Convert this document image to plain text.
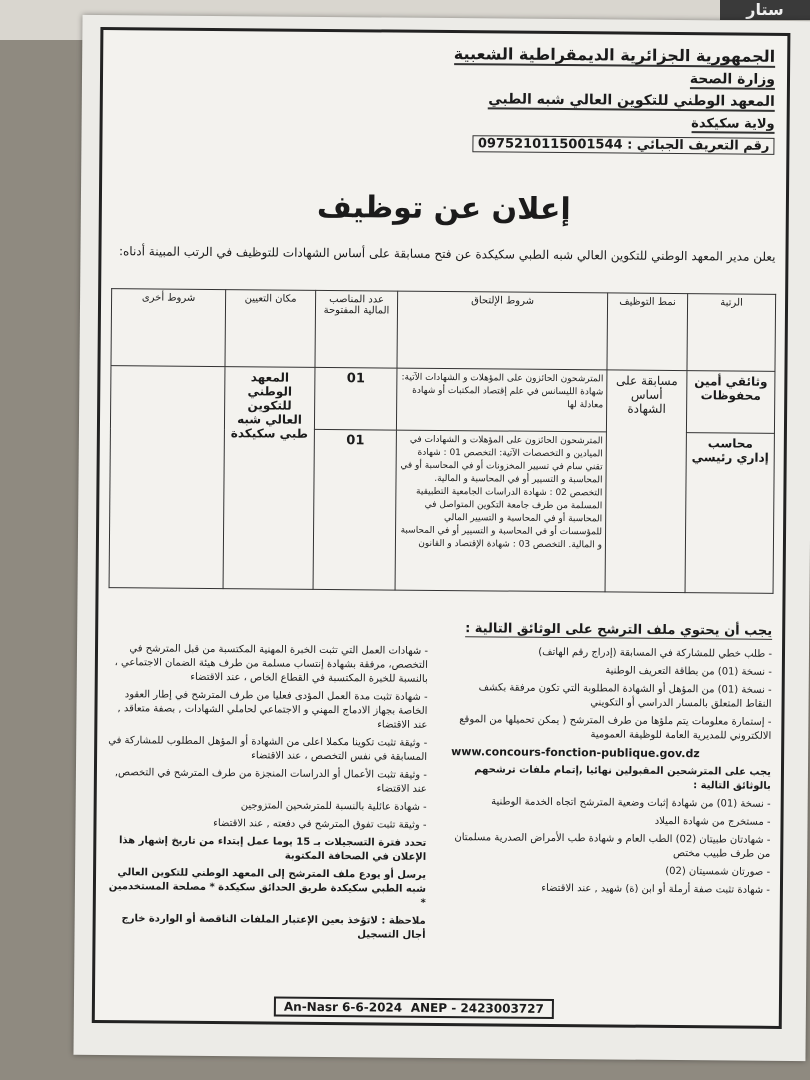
ستار
الجمهورية الجزائرية الديمقراطية الشعبية
وزارة الصحة
المعهد الوطني للتكوين العالي شبه الطبي
ولاية سكيكدة
رقم التعريف الجبائي : 0975210115001544
إعلان عن توظيف
يعلن مدير المعهد الوطني للتكوين العالي شبه الطبي سكيكدة عن فتح مسابقة على أساس الشهادات للتوظيف في الرتب المبينة أدناه:
الرتبة	نمط التوظيف	شروط الإلتحاق	عدد المناصب المالية المفتوحة	مكان التعيين	شروط أخرى
وثائقي أمين محفوظات	مسابقة على أساس الشهادة	المترشحون الحائزون على المؤهلات و الشهادات الآتية: شهادة الليسانس في علم إقتصاد المكتبات أو شهادة معادلة لها	01	المعهد الوطني للتكوين العالي شبه طبي سكيكدة	
محاسب إداري رئيسي		المترشحون الحائزون على المؤهلات و الشهادات في الميادين و التخصصات الآتية: التخصص 01 : شهادة تقني سام في تسيير المخزونات أو في المحاسبة أو في المحاسبة و التسيير أو في المحاسبة و المالية. التخصص 02 : شهادة الدراسات الجامعية التطبيقية المسلمة من طرف جامعة التكوين المتواصل في المحاسبة أو في المحاسبة و التسيير المالي للمؤسسات أو في المحاسبة و التسيير أو في المحاسبة و المالية. التخصص 03 : شهادة الإقتصاد و القانون	01		
يجب أن يحتوي ملف الترشح على الوثائق التالية :

- طلب خطي للمشاركة في المسابقة (إدراج رقم الهاتف)

- نسخة (01) من بطاقة التعريف الوطنية

- نسخة (01) من المؤهل أو الشهادة المطلوبة التي تكون مرفقة بكشف النقاط المتعلق بالمسار الدراسي أو التكويني

- إستمارة معلومات يتم ملؤها من طرف المترشح ( يمكن تحميلها من الموقع الالكتروني للمديرية العامة للوظيفة العمومية

www.concours-fonction-publique.gov.dz

يجب على المترشحين المقبولين نهائيا ,إتمام ملفات ترشحهم بالوثائق التالية :

- نسخة (01) من شهادة إثبات وضعية المترشح اتجاه الخدمة الوطنية

- مستخرج من شهادة الميلاد

- شهادتان طبيتان (02) الطب العام و شهادة طب الأمراض الصدرية مسلمتان من طرف طبيب مختص

- صورتان شمسيتان (02)

- شهادة تثبت صفة أرملة أو ابن (ة) شهيد , عند الاقتضاء

- شهادات العمل التي تثبت الخبرة المهنية المكتسبة من قبل المترشح في التخصص، مرفقة بشهادة إنتساب مسلمة من طرف هيئة الضمان الاجتماعي ، بالنسبة للخبرة المكتسبة في القطاع الخاص ، عند الاقتضاء

- شهادة تثبت مدة العمل المؤدى فعليا من طرف المترشح في إطار العقود الخاصة بجهاز الادماج المهني و الاجتماعي لحاملي الشهادات , بصفة متعاقد , عند الاقتضاء

- وثيقة تثبت تكوينا مكملا اعلى من الشهادة أو المؤهل المطلوب للمشاركة في المسابقة في نفس التخصص ، عند الاقتضاء

- وثيقة تثبت الأعمال أو الدراسات المنجزة من طرف المترشح في التخصص, عند الاقتضاء

- شهادة عائلية بالنسبة للمترشحين المتزوجين

- وثيقة تثبت تفوق المترشح في دفعته , عند الاقتضاء

تحدد فترة التسجيلات بـ 15 يوما عمل إبتداء من تاريخ إشهار هذا الإعلان في الصحافة المكتوبة

يرسل أو يودع ملف المترشح إلى المعهد الوطني للتكوين العالي شبه الطبي سكيكدة طريق الحدائق سكيكدة * مصلحة المستخدمين *

ملاحظة : لاتؤخذ بعين الإعتبار الملفات الناقصة أو الواردة خارج أجال التسجيل

An-Nasr 6-6-2024 ANEP - 2423003727
